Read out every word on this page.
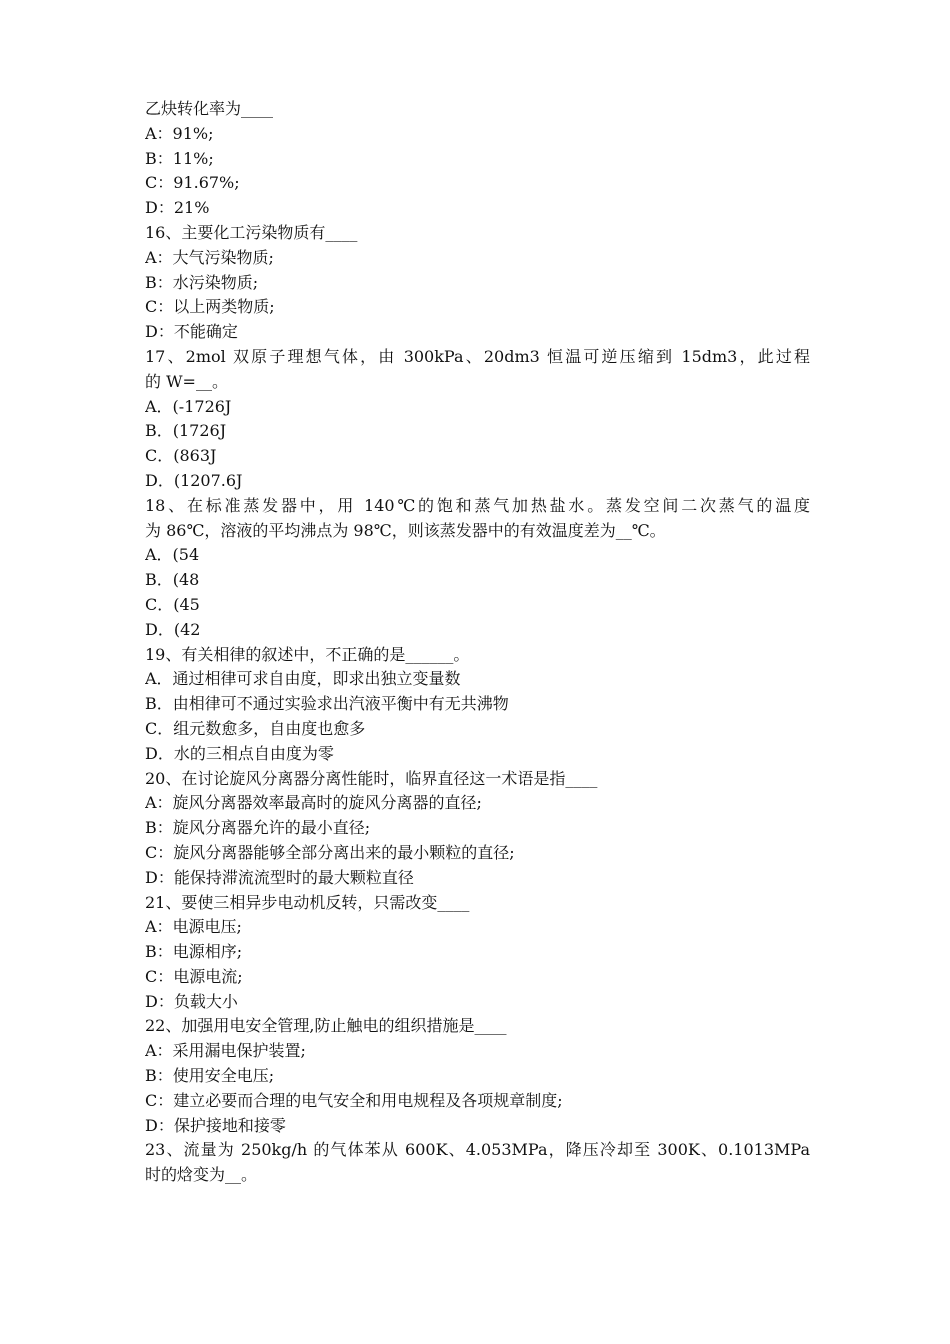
乙炔转化率为____
A：91%;
B：11%;
C：91.67%;
D：21%
16、主要化工污染物质有____
A：大气污染物质;
B：水污染物质;
C：以上两类物质;
D：不能确定
17、2mol 双原子理想气体，由 300kPa、20dm3 恒温可逆压缩到 15dm3，此过程
的 W=__。
A．(-1726J
B．(1726J
C．(863J
D．(1207.6J
18、在标准蒸发器中，用 140℃的饱和蒸气加热盐水。蒸发空间二次蒸气的温度
为 86℃，溶液的平均沸点为 98℃，则该蒸发器中的有效温度差为__℃。
A．(54
B．(48
C．(45
D．(42
19、有关相律的叙述中，不正确的是______。
A．通过相律可求自由度，即求出独立变量数
B．由相律可不通过实验求出汽液平衡中有无共沸物
C．组元数愈多，自由度也愈多
D．水的三相点自由度为零
20、在讨论旋风分离器分离性能时，临界直径这一术语是指____
A：旋风分离器效率最高时的旋风分离器的直径;
B：旋风分离器允许的最小直径;
C：旋风分离器能够全部分离出来的最小颗粒的直径;
D：能保持滞流流型时的最大颗粒直径
21、要使三相异步电动机反转，只需改变____
A：电源电压;
B：电源相序;
C：电源电流;
D：负载大小
22、加强用电安全管理,防止触电的组织措施是____
A：采用漏电保护装置;
B：使用安全电压;
C：建立必要而合理的电气安全和用电规程及各项规章制度;
D：保护接地和接零
23、流量为 250kg/h 的气体苯从 600K、4.053MPa，降压冷却至 300K、0.1013MPa
时的焓变为__。
